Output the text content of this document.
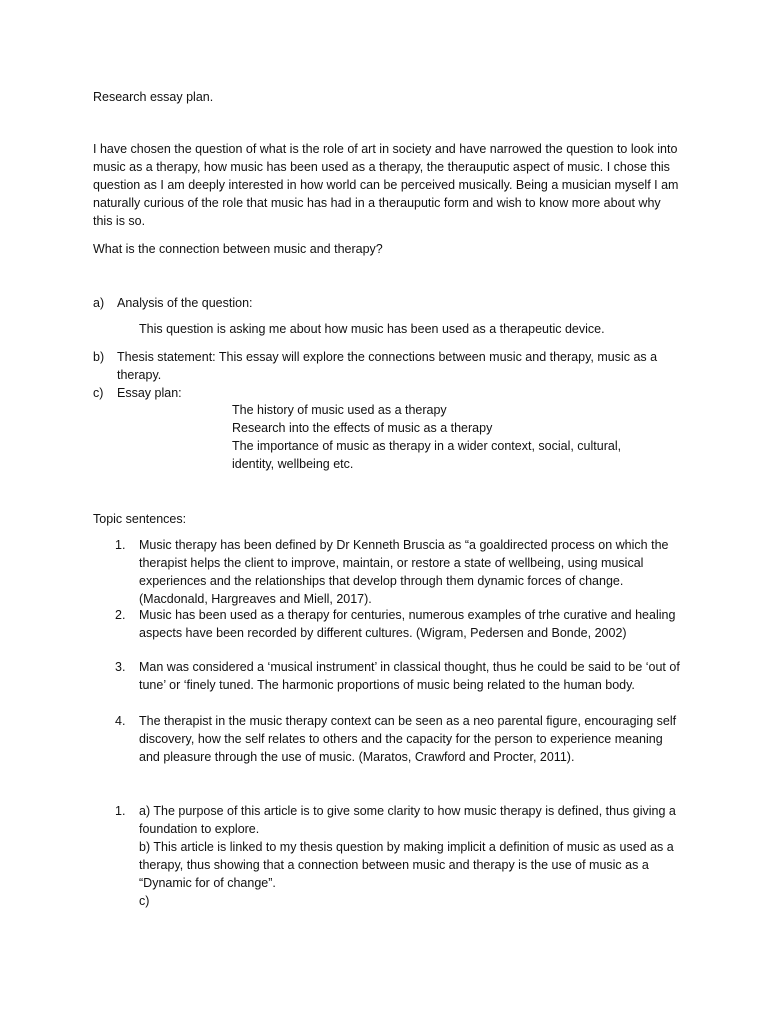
Research essay plan.
I have chosen the question of what is the role of art in society and have narrowed the question to look into music as a therapy, how music has been used as a therapy, the therauputic aspect of music. I chose this question as I am deeply interested in how world can be perceived musically. Being a musician myself I am naturally curious of the role that music has had in a therauputic form and wish to know more about why this is so.
What is the connection between music and therapy?
a)	Analysis of the question:
This question is asking me about how music has been used as a therapeutic device.
b)	Thesis statement: This essay will explore the connections between music and therapy, music as a therapy.
c)	Essay plan:
The history of music used as a therapy
Research into the effects of music as a therapy
The importance of music as therapy in a wider context, social, cultural, identity, wellbeing etc.
Topic sentences:
1.	Music therapy has been defined by Dr Kenneth Bruscia as “a goaldirected process on which the therapist helps the client to improve, maintain, or restore a state of wellbeing, using musical experiences and the relationships that develop through them dynamic forces of change. (Macdonald, Hargreaves and Miell, 2017).
2.	Music has been used as a therapy for centuries, numerous examples of trhe curative and healing aspects have been recorded by different cultures. (Wigram, Pedersen and Bonde, 2002)
3.	Man was considered a ‘musical instrument’ in classical thought, thus he could be said to be ‘out of tune’ or ‘finely tuned. The harmonic proportions of music being related to the human body.
4.	The therapist in the music therapy context can be seen as a neo parental figure, encouraging self discovery, how the self relates to others and the capacity for the person to experience meaning and pleasure through the use of music. (Maratos, Crawford and Procter, 2011).
1.	a) The purpose of this article is to give some clarity to how music therapy is defined, thus giving a foundation to explore.
b) This article is linked to my thesis question by making implicit a definition of music as used as a therapy, thus showing that a connection between music and therapy is the use of music as a “Dynamic for of change”.
c)
